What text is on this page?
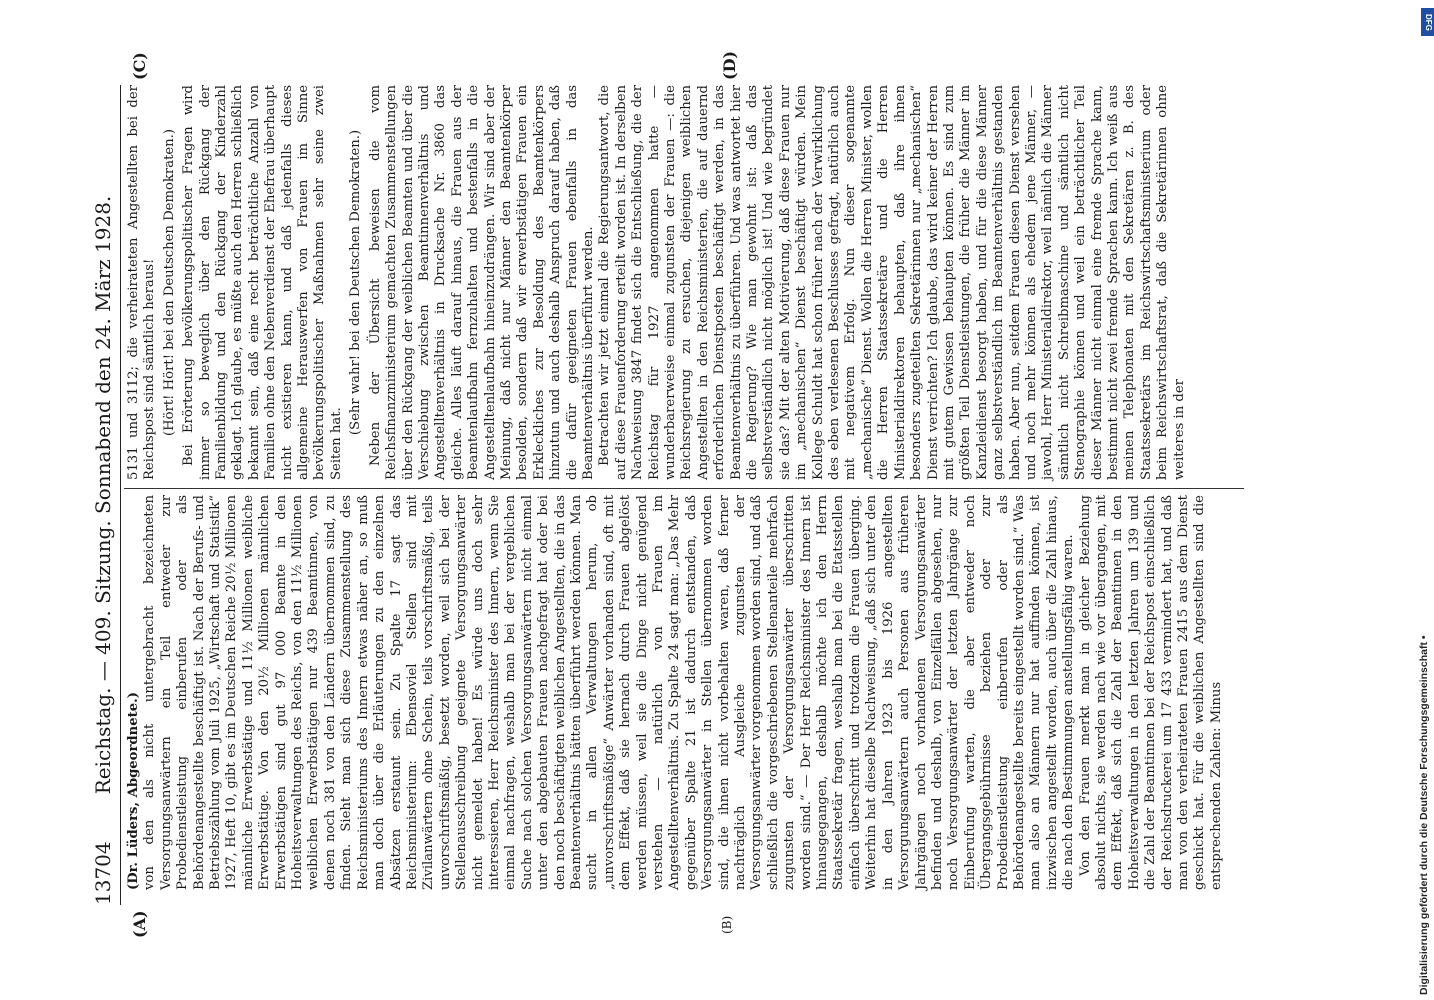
13704
Reichstag. — 409. Sitzung. Sonnabend den 24. März 1928.
(A)	(B)
(C)	(D)

(Dr. Lüders, Abgeordnete.) von den als nicht untergebracht bezeichneten Versorgungsanwärtern ein Teil entweder zur Probedienstleistung einberufen oder als Behördenangestellte beschäftigt ist. Nach der Berufs- und Betriebszählung vom Juli 1925, „Wirtschaft und Statistik“ 1927, Heft 10, gibt es im Deutschen Reiche 20½ Millionen männliche Erwerbstätige und 11½ Millionen weibliche Erwerbstätige. Von den 20½ Millionen männlichen Erwerbstätigen sind gut 97 000 Beamte in den Hoheitsverwaltungen des Reichs, von den 11½ Millionen weiblichen Erwerbstätigen nur 439 Beamtinnen, von denen noch 381 von den Ländern übernommen sind, zu finden. Sieht man sich diese Zusammenstellung des Reichsministeriums des Innern etwas näher an, so muß man doch über die Erläuterungen zu den einzelnen Absätzen erstaunt sein. Zu Spalte 17 sagt das Reichsministerium: Ebensoviel Stellen sind mit Zivilanwärtern ohne Schein, teils vorschriftsmäßig, teils unvorschriftsmäßig, besetzt worden, weil sich bei der Stellenausschreibung geeignete Versorgungsanwärter nicht gemeldet haben! Es würde uns doch sehr interessieren, Herr Reichsminister des Innern, wenn Sie einmal nachfragen, weshalb man bei der vergeblichen Suche nach solchen Versorgungsanwärtern nicht einmal unter den abgebauten Frauen nachgefragt hat oder bei den noch beschäftigten weiblichen Angestellten, die in das Beamtenverhältnis hätten überführt werden können. Man sucht in allen Verwaltungen herum, ob „unvorschriftsmäßige“ Anwärter vorhanden sind, oft mit dem Effekt, daß sie hernach durch Frauen abgelöst werden müssen, weil sie die Dinge nicht genügend verstehen — natürlich von Frauen im Angestelltenverhältnis. Zu Spalte 24 sagt man: „Das Mehr gegenüber Spalte 21 ist dadurch entstanden, daß Versorgungsanwärter in Stellen übernommen worden sind, die ihnen nicht vorbehalten waren, daß ferner nachträglich Ausgleiche zugunsten der Versorgungsanwärter vorgenommen worden sind, und daß schließlich die vorgeschriebenen Stellenanteile mehrfach zugunsten der Versorgungsanwärter überschritten worden sind.“ — Der Herr Reichsminister des Innern ist hinausgegangen, deshalb möchte ich den Herrn Staatssekretär fragen, weshalb man bei die Etatsstellen einfach überschritt und trotzdem die Frauen überging. Weiterhin hat dieselbe Nachweisung, „daß sich unter den in den Jahren 1923 bis 1926 angestellten Versorgungsanwärtern auch Personen aus früheren Jahrgängen noch vorhandenen Versorgungsanwärter befinden und deshalb, von Einzelfällen abgesehen, nur noch Versorgungsanwärter der letzten Jahrgänge zur Einberufung warten, die aber entweder noch Übergangsgebührnisse beziehen oder zur Probedienstleistung einberufen oder als Behördenangestellte bereits eingestellt worden sind.“ Was man also an Männern nur hat auffinden können, ist inzwischen angestellt worden, auch über die Zahl hinaus, die nach den Bestimmungen anstellungsfähig waren. Von den Frauen merkt man in gleicher Beziehung absolut nichts, sie werden nach wie vor übergangen, mit dem Effekt, daß sich die Zahl der Beamtinnen in den Hoheitsverwaltungen in den letzten Jahren um 139 und die Zahl der Beamtinnen bei der Reichspost einschließlich der Reichsdruckerei um 17 433 vermindert hat, und daß man von den verheirateten Frauen 2415 aus dem Dienst geschickt hat. Für die weiblichen Angestellten sind die entsprechenden Zahlen: Minus

5131 und 3112; die verheirateten Angestellten bei der Reichspost sind sämtlich heraus! (Hört! Hört! bei den Deutschen Demokraten.) Bei Erörterung bevölkerungspolitischer Fragen wird immer so beweglich über den Rückgang der Familienbildung und den Rückgang der Kinderzahl geklagt. Ich glaube, es müßte auch den Herren schließlich bekannt sein, daß eine recht beträchtliche Anzahl von Familien ohne den Nebenverdienst der Ehefrau überhaupt nicht existieren kann, und daß jedenfalls dieses allgemeine Herauswerfen von Frauen im Sinne bevölkerungspolitischer Maßnahmen sehr seine zwei Seiten hat.

(Sehr wahr! bei den Deutschen Demokraten.) Neben der Übersicht beweisen die vom Reichsfinanzministerium gemachten Zusammenstellungen über den Rückgang der weiblichen Beamten und über die Verschiebung zwischen Beamtinnenverhältnis und Angestelltenverhältnis in Drucksache Nr. 3860 das gleiche. Alles läuft darauf hinaus, die Frauen aus der Beamtenlaufbahn fernzuhalten und bestenfalls in die Angestelltenlaufbahn hineinzudrängen. Wir sind aber der Meinung, daß nicht nur Männer den Beamtenkörper besolden, sondern daß wir erwerbstätigen Frauen ein Erkleckliches zur Besoldung des Beamtenkörpers hinzutun und auch deshalb Anspruch darauf haben, daß die dafür geeigneten Frauen ebenfalls in das Beamtenverhältnis überführt werden. Betrachten wir jetzt einmal die Regierungsantwort, die auf diese Frauenforderung erteilt worden ist. In derselben Nachweisung 3847 findet sich die Entschließung, die der Reichstag für 1927 angenommen hatte — wunderbarerweise einmal zugunsten der Frauen —: die Reichsregierung zu ersuchen, diejenigen weiblichen Angestellten in den Reichsministerien, die auf dauernd erforderlichen Dienstposten beschäftigt werden, in das Beamtenverhältnis zu überführen. Und was antwortet hier die Regierung? Wie man gewohnt ist: daß das selbstverständlich nicht möglich ist! Und wie begründet sie das? Mit der alten Motivierung, daß diese Frauen nur im „mechanischen“ Dienst beschäftigt würden. Mein Kollege Schuldt hat schon früher nach der Verwirklichung des eben verlesenen Beschlusses gefragt, natürlich auch mit negativem Erfolg. Nun dieser sogenannte „mechanische“ Dienst. Wollen die Herren Minister, wollen die Herren Staatssekretäre und die Herren Ministerialdirektoren behaupten, daß ihre ihnen besonders zugeteilten Sekretärinnen nur „mechanischen“ Dienst verrichten? Ich glaube, das wird keiner der Herren mit gutem Gewissen behaupten können. Es sind zum größten Teil Dienstleistungen, die früher die Männer im Kanzleidienst besorgt haben, und für die diese Männer ganz selbstverständlich im Beamtenverhältnis gestanden haben. Aber nun, seitdem Frauen diesen Dienst versehen und noch mehr können als ehedem jene Männer, — jawohl, Herr Ministerialdirektor, weil nämlich die Männer sämtlich nicht Schreibmaschine und sämtlich nicht Stenographie können und weil ein beträchtlicher Teil dieser Männer nicht einmal eine fremde Sprache kann, bestimmt nicht zwei fremde Sprachen kann. Ich weiß aus meinen Telephonaten mit den Sekretären z. B. des Staatssekretärs im Reichswirtschaftsministerium oder beim Reichswirtschaftsrat, daß die Sekretärinnen ohne weiteres in der

Digitalisierung gefördert durch die Deutsche Forschungsgemeinschaft •
DFG
